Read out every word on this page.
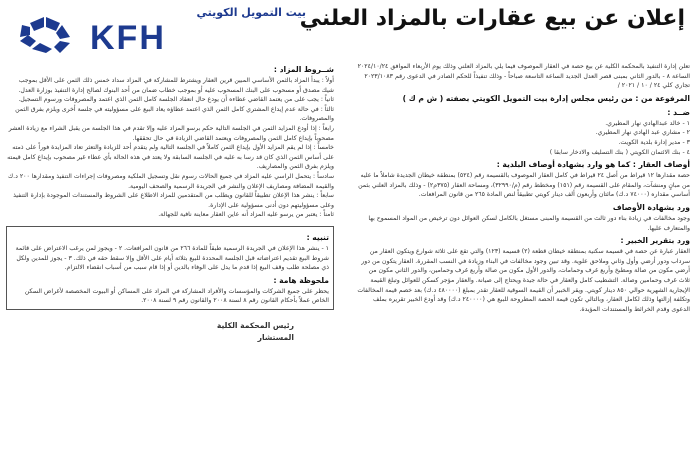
إعلان عن بيع عقارات بالمزاد العلني
بيت التمويل الكويتي
KFH

تعلن إدارة التنفيذ بالمحكمة الكلية عن بيع حصة في العقار الموصوف فيما يلي بالمزاد العلني وذلك يوم الأربعاء الموافق ٢٠٢٤/١٠/٢٤ الساعة ٨ - بالدور الثاني بمبنى قصر العدل الجديد الساعة التاسعة صباحاً - وذلك تنفيذاً للحكم الصادر في الدعوى رقم ٢٠٢٣/١٠٨٣ تجاري كلي ٢٤ / ١٠ / ٢٠٢١ /

المرفوعة من : من رئيس مجلس إدارة بيت التمويل الكويتي بصفته ( ش م ك )
ضــد :

١ - خالد عبدالهادي نهار المطيري.

٢ - مشاري عبد الهادي نهار المطيري.

٣ - مدير إدارة بلدية الكويت.

٤ - بنك الائتمان الكويتي ( بنك التسليف والادخار سابقا )

أوصاف العقار : كما هو وارد بشهادة أوصاف البلدية :

حصة مقدارها ١٢ قيراط من أصل ٢٤ قيراط في كامل العقار الموصوف بالقسيمة رقم (٥٢٤) بمنطقة خيطان الجديدة شاملاً ما عليه من مبانٍ ومنشآت، والمقام على القسيمة رقم (١٥١) ومخطط رقم (م/٣٢٩٩٠)، ومساحة العقار (٣٧٥م٢) - وذلك بالمزاد العلني بثمن أساسي مقداره (٧٤٠٠٠ د.ك) مائتان وأربعون ألف دينار كويتي تطبيقاً لنص المادة ٢٦٥ من قانون المرافعات.

ورد بشهادة الأوصاف

وجود مخالفات في زيادة بناء دور ثالث من القسيمة والمبنى مستغل بالكامل لسكن العوائل دون ترخيص من المواد المسموح بها والمتعارف عليها.

ورد بتقرير الخبير :

العقار عبارة عن حصة في قسيمة سكنية بمنطقة خيطان قطعة (٢) قسيمة (١٢٣) والتي تقع على ثلاثة شوارع ويتكون العقار من سرداب ودور أرضي وأول وثاني وملاحق علوية. وقد تبين وجود مخالفات في البناء وزيادة في النسب المقررة. العقار يتكون من دور أرضي مكون من صالة ومطبخ وأربع غرف وحمامات، والدور الأول مكون من صالة وأربع غرف وحمامين، والدور الثاني مكون من ثلاث غرف وحمامين وصالة. التشطيب كامل والعقار في حالة جيدة ويحتاج إلى صيانة. والعقار مؤجر كسكن للعوائل وتبلغ القيمة الإيجارية الشهرية حوالي ٨٥٠ دينار كويتي. ويقر الخبير أن القيمة السوقية للعقار تقدر بمبلغ (٤٨٠٠٠٠ د.ك) بعد خصم قيمة المخالفات وتكلفة إزالتها وذلك لكامل العقار، وبالتالي تكون قيمة الحصة المطروحة للبيع هي (٢٤٠٠٠٠ د.ك) وقد أودع الخبير تقريره بملف الدعوى وقدم الخرائط والمستندات المؤيدة.

شــروط المزاد :

أولاً : يبدأ المزاد بالثمن الأساسي المبين قرين العقار ويشترط للمشاركة في المزاد سداد خمس ذلك الثمن على الأقل بموجب شيك مصدق أو مسحوب على البنك المسحوب عليه أو بموجب خطاب ضمان من أحد البنوك لصالح إدارة التنفيذ بوزارة العدل.

ثانياً : يجب على من يعتمد القاضي عطاءه أن يودع حال انعقاد الجلسة كامل الثمن الذي اعتمد والمصروفات ورسوم التسجيل.

ثالثاً : في حالة عدم إيداع المشتري كامل الثمن الذي اعتمد عطاؤه يعاد البيع على مسؤوليته في جلسة أخرى ويلزم بفرق الثمن والمصروفات.

رابعاً : إذا أودع المزايد الثمن في الجلسة التالية حكم برسو المزاد عليه وإلا تقدم في هذا الجلسة من يقبل الشراء مع زيادة العشر مصحوباً بإيداع كامل الثمن والمصروفات ويعتمد القاضي الزيادة في حال تحققها.

خامساً : إذا لم يقم المزايد الأول بإيداع الثمن كاملاً في الجلسة التالية ولم يتقدم أحد للزيادة والتعثر تعاد المزايدة فوراً على ذمته على أساس الثمن الذي كان قد رسا به عليه في الجلسة السابقة ولا يعتد في هذه الحالة بأي عطاء غير مصحوب بإيداع كامل قيمته ويلزم بفرق الثمن والمصاريف.

سادساً : يتحمل الراسي عليه المزاد في جميع الحالات رسوم نقل وتسجيل الملكية ومصروفات إجراءات التنفيذ ومقدارها ٢٠٠ د.ك والقيمة المضافة ومصاريف الإعلان والنشر في الجريدة الرسمية والصحف اليومية.

سابعاً : ينشر هذا الإعلان تطبيقاً للقانون ويطلب من المتقدمين للمزاد الاطلاع على الشروط والمستندات الموجودة بإدارة التنفيذ وعلى مسؤوليتهم دون أدنى مسؤولية على الإدارة.

ثامناً : يعتبر من يرسو عليه المزاد أنه عاين العقار معاينة نافية للجهالة.

تنبيه :

١ - ينشر هذا الإعلان في الجريدة الرسمية طبقاً للمادة ٢٦٦ من قانون المرافعات. ٢ - ويجوز لمن يرغب الاعتراض على قائمة شروط البيع تقديم اعتراضاته قبل الجلسة المحددة للبيع بثلاثة أيام على الأقل وإلا سقط حقه في ذلك. ٣ - يجوز للمدين ولكل ذي مصلحة طلب وقف البيع إذا قدم ما يدل على الوفاء بالدين أو إذا قام سبب من أسباب انقضاء الالتزام.

ملحوظة هامة :

يحظر على جميع الشركات والمؤسسات والأفراد المشاركة في المزاد على المساكن أو البيوت المخصصة لأغراض السكن الخاص عملاً بأحكام القانون رقم ٨ لسنة ٢٠٠٨ والقانون رقم ٩ لسنة ٢٠٠٨.

رئيس المحكمة الكلية
المستشار
